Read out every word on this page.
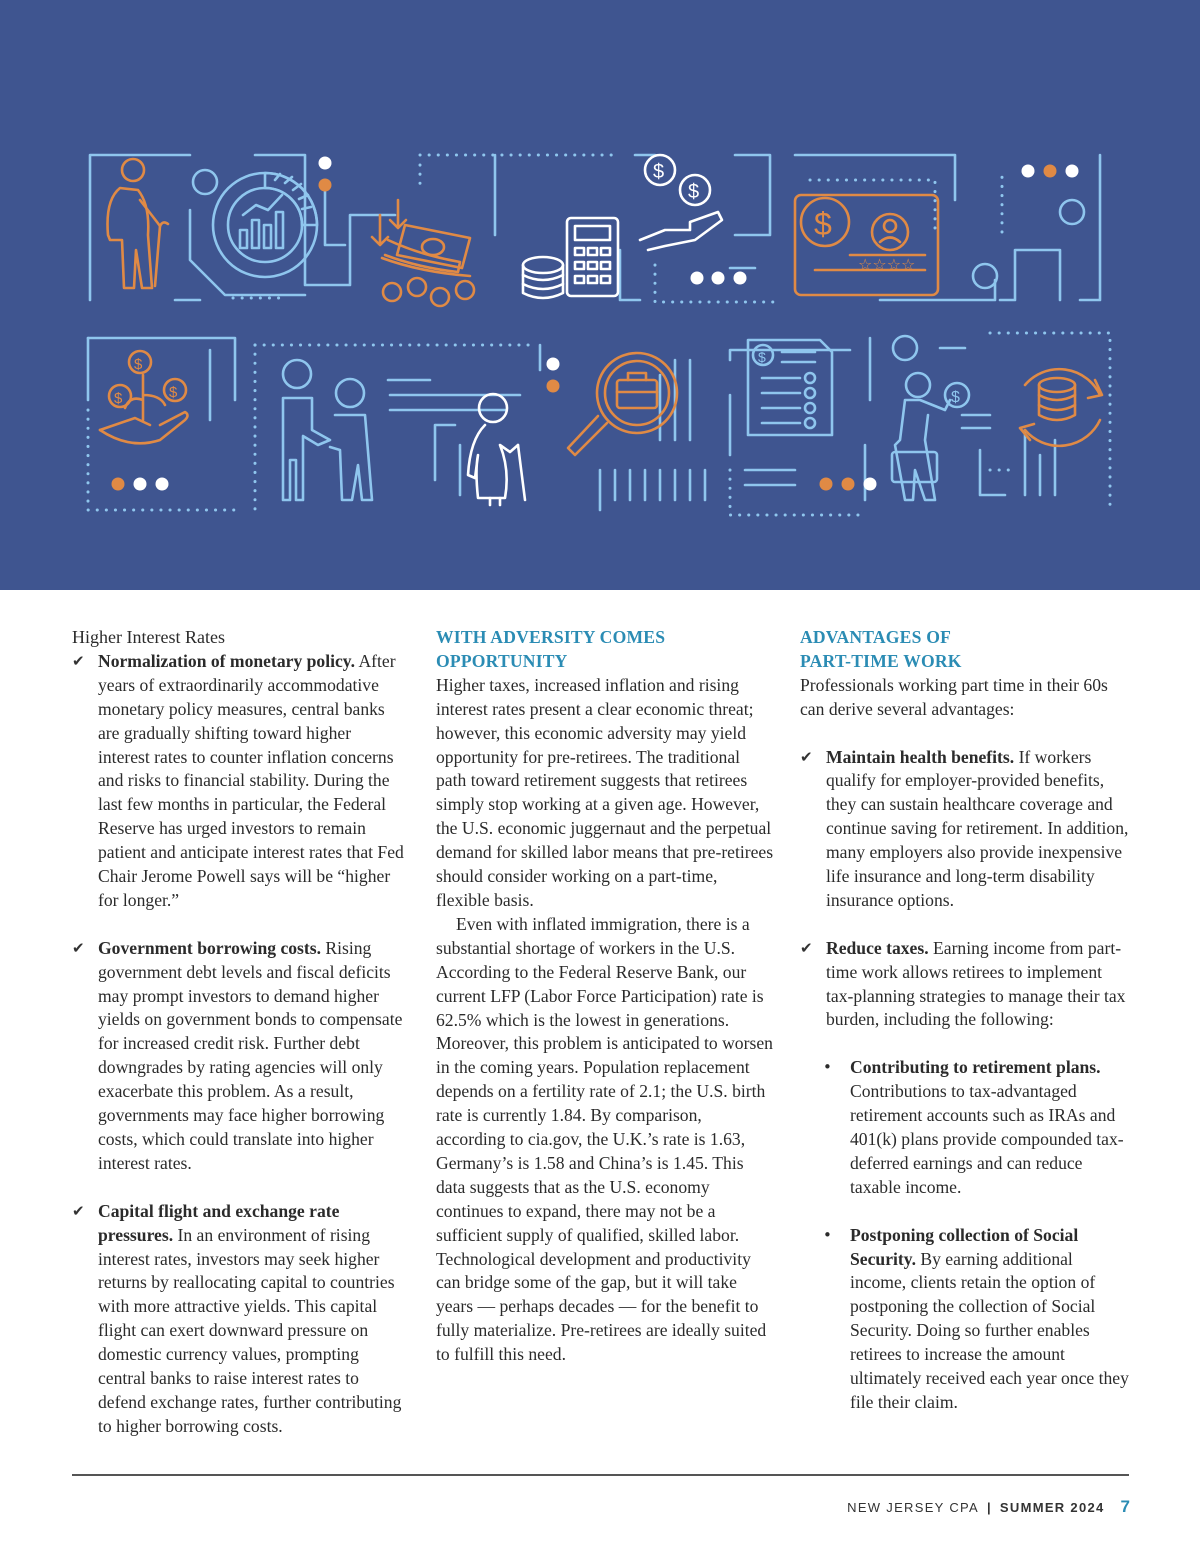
$
$
$
☆☆☆☆
$
$	$
$
$

Higher Interest Rates

✔ Normalization of monetary policy. After years of extraordinarily accommodative monetary policy measures, central banks are gradually shifting toward higher interest rates to counter inflation concerns and risks to financial stability. During the last few months in particular, the Federal Reserve has urged investors to remain patient and anticipate interest rates that Fed Chair Jerome Powell says will be “higher for longer.”

✔ Government borrowing costs. Rising government debt levels and fiscal deficits may prompt investors to demand higher yields on government bonds to compensate for increased credit risk. Further debt downgrades by rating agencies will only exacerbate this problem. As a result, governments may face higher borrowing costs, which could translate into higher interest rates.

✔ Capital flight and exchange rate pressures. In an environment of rising interest rates, investors may seek higher returns by reallocating capital to countries with more attractive yields. This capital flight can exert downward pressure on domestic currency values, prompting central banks to raise interest rates to defend exchange rates, further contributing to higher borrowing costs.

WITH ADVERSITY COMES
OPPORTUNITY

Higher taxes, increased inflation and rising interest rates present a clear economic threat; however, this economic adversity may yield opportunity for pre-retirees. The traditional path toward retirement suggests that retirees simply stop working at a given age. However, the U.S. economic juggernaut and the perpetual demand for skilled labor means that pre-retirees should consider working on a part-time, flexible basis.

Even with inflated immigration, there is a substantial shortage of workers in the U.S. According to the Federal Reserve Bank, our current LFP (Labor Force Participation) rate is 62.5% which is the lowest in generations. Moreover, this problem is anticipated to worsen in the coming years. Population replacement depends on a fertility rate of 2.1; the U.S. birth rate is currently 1.84. By comparison, according to cia.gov, the U.K.’s rate is 1.63, Germany’s is 1.58 and China’s is 1.45. This data suggests that as the U.S. economy continues to expand, there may not be a sufficient supply of qualified, skilled labor. Technological development and productivity can bridge some of the gap, but it will take years — perhaps decades — for the benefit to fully materialize. Pre-retirees are ideally suited to fulfill this need.

ADVANTAGES OF
PART-TIME WORK

Professionals working part time in their 60s can derive several advantages:

✔ Maintain health benefits. If workers qualify for employer-provided benefits, they can sustain healthcare coverage and continue saving for retirement. In addition, many employers also provide inexpensive life insurance and long-term disability insurance options.

✔ Reduce taxes. Earning income from part-time work allows retirees to implement tax-planning strategies to manage their tax burden, including the following:

• Contributing to retirement plans. Contributions to tax-advantaged retirement accounts such as IRAs and 401(k) plans provide compounded tax-deferred earnings and can reduce taxable income.

• Postponing collection of Social Security. By earning additional income, clients retain the option of postponing the collection of Social Security. Doing so further enables retirees to increase the amount ultimately received each year once they file their claim.

NEW JERSEY CPA | SUMMER 2024 7
